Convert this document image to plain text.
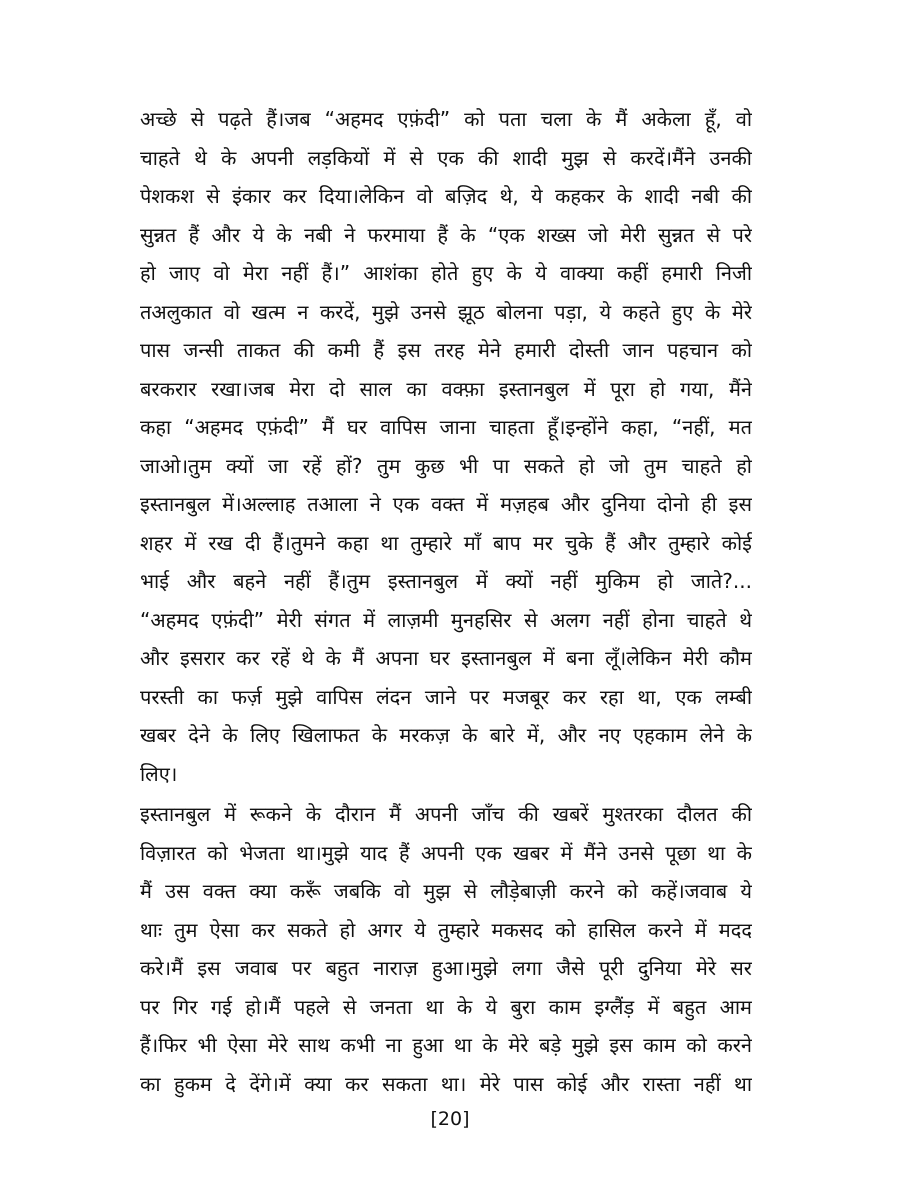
अच्छे से पढ़ते हैं।जब “अहमद एफ़ंदी” को पता चला के मैं अकेला हूँ, वो
चाहते थे के अपनी लड़कियों में से एक की शादी मुझ से करदें।मैंने उनकी
पेशकश से इंकार कर दिया।लेकिन वो बज़िद थे, ये कहकर के शादी नबी की
सुन्नत हैं और ये के नबी ने फरमाया हैं के “एक शख्स जो मेरी सुन्नत से परे
हो जाए वो मेरा नहीं हैं।” आशंका होते हुए के ये वाक्या कहीं हमारी निजी
तअलुकात वो खत्म न करदें, मुझे उनसे झूठ बोलना पड़ा, ये कहते हुए के मेरे
पास जन्सी ताकत की कमी हैं इस तरह मेने हमारी दोस्ती जान पहचान को
बरकरार रखा।जब मेरा दो साल का वक्फ़ा इस्तानबुल में पूरा हो गया, मैंने
कहा “अहमद एफ़ंदी” मैं घर वापिस जाना चाहता हूँ।इन्होंने कहा, “नहीं, मत
जाओ।तुम क्यों जा रहें हों? तुम कुछ भी पा सकते हो जो तुम चाहते हो
इस्तानबुल में।अल्लाह तआला ने एक वक्त में मज़हब और दुनिया दोनो ही इस
शहर में रख दी हैं।तुमने कहा था तुम्हारे माँ बाप मर चुके हैं और तुम्हारे कोई
भाई और बहने नहीं हैं।तुम इस्तानबुल में क्यों नहीं मुकिम हो जाते?...
“अहमद एफ़ंदी” मेरी संगत में लाज़मी मुनहसिर से अलग नहीं होना चाहते थे
और इसरार कर रहें थे के मैं अपना घर इस्तानबुल में बना लूँ।लेकिन मेरी कौम
परस्ती का फर्ज़ मुझे वापिस लंदन जाने पर मजबूर कर रहा था, एक लम्बी
खबर देने के लिए खिलाफत के मरकज़ के बारे में, और नए एहकाम लेने के
लिए।
इस्तानबुल में रूकने के दौरान मैं अपनी जाँच की खबरें मुश्तरका दौलत की
विज़ारत को भेजता था।मुझे याद हैं अपनी एक खबर में मैंने उनसे पूछा था के
मैं उस वक्त क्या करूँ जबकि वो मुझ से लौड़ेबाज़ी करने को कहें।जवाब ये
थाः तुम ऐसा कर सकते हो अगर ये तुम्हारे मकसद को हासिल करने में मदद
करे।मैं इस जवाब पर बहुत नाराज़ हुआ।मुझे लगा जैसे पूरी दुनिया मेरे सर
पर गिर गई हो।मैं पहले से जनता था के ये बुरा काम इग्लैंड़ में बहुत आम
हैं।फिर भी ऐसा मेरे साथ कभी ना हुआ था के मेरे बड़े मुझे इस काम को करने
का हुकम दे देंगे।में क्या कर सकता था। मेरे पास कोई और रास्ता नहीं था
[20]
